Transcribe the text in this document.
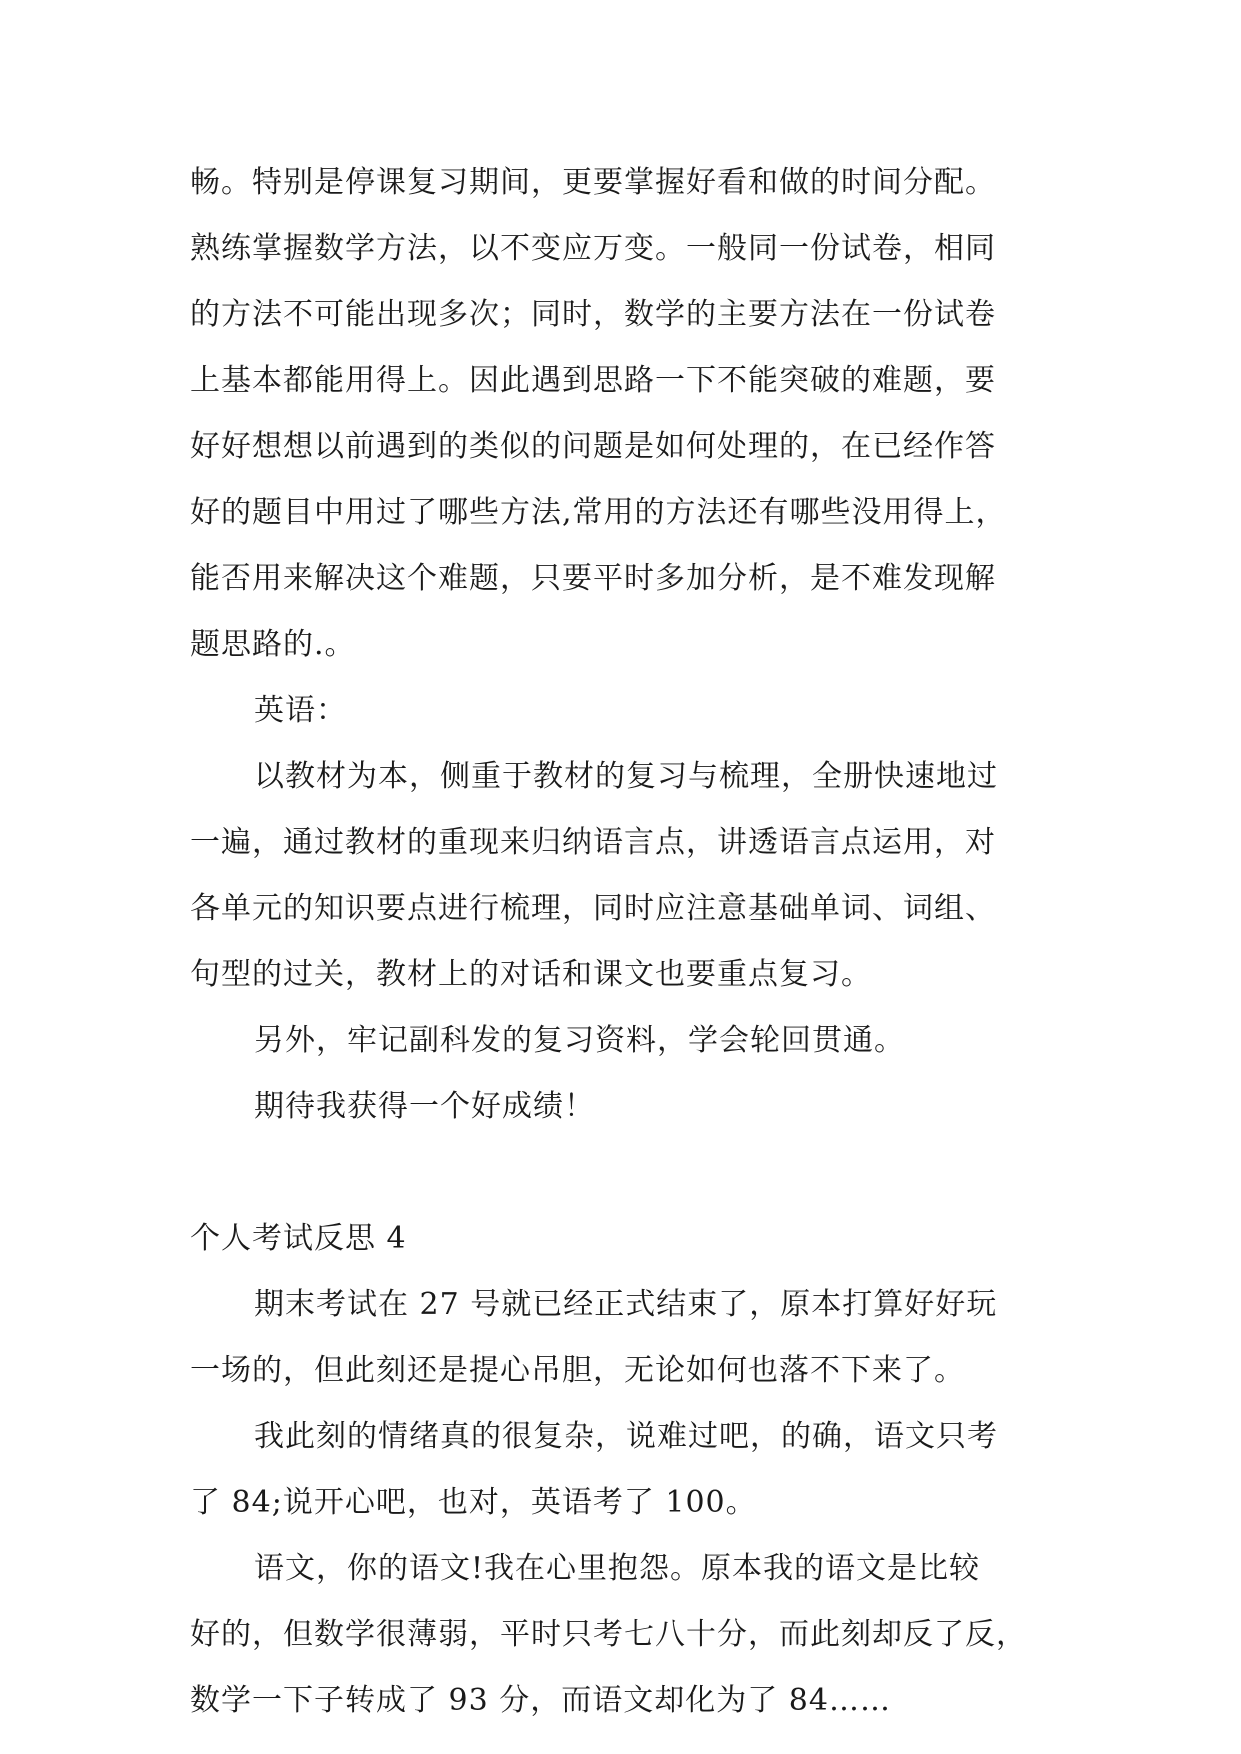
畅。特别是停课复习期间，更要掌握好看和做的时间分配。
熟练掌握数学方法，以不变应万变。一般同一份试卷，相同
的方法不可能出现多次；同时，数学的主要方法在一份试卷
上基本都能用得上。因此遇到思路一下不能突破的难题，要
好好想想以前遇到的类似的问题是如何处理的，在已经作答
好的题目中用过了哪些方法,常用的方法还有哪些没用得上，
能否用来解决这个难题，只要平时多加分析，是不难发现解
题思路的.。
英语：
以教材为本，侧重于教材的复习与梳理，全册快速地过
一遍，通过教材的重现来归纳语言点，讲透语言点运用，对
各单元的知识要点进行梳理，同时应注意基础单词、词组、
句型的过关，教材上的对话和课文也要重点复习。
另外，牢记副科发的复习资料，学会轮回贯通。
期待我获得一个好成绩！
个人考试反思 4
期末考试在 27 号就已经正式结束了，原本打算好好玩
一场的，但此刻还是提心吊胆，无论如何也落不下来了。
我此刻的情绪真的很复杂，说难过吧，的确，语文只考
了 84;说开心吧，也对，英语考了 100。
语文，你的语文!我在心里抱怨。原本我的语文是比较
好的，但数学很薄弱，平时只考七八十分，而此刻却反了反，
数学一下子转成了 93 分，而语文却化为了 84……
